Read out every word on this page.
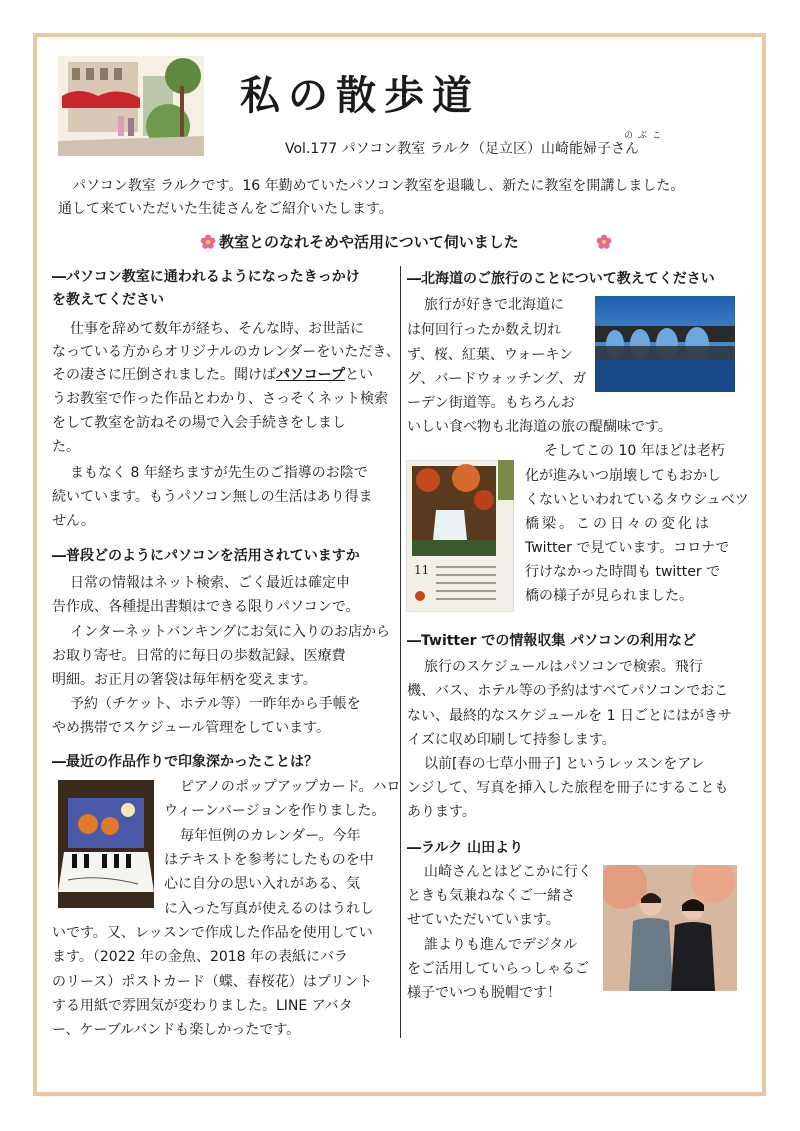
私の散歩道

のぶこ

Vol.177 パソコン教室 ラルク（足立区）山崎能婦子さん

パソコン教室 ラルクです。16 年勤めていたパソコン教室を退職し、新たに教室を開講しました。

通して来ていただいた生徒さんをご紹介いたします。

教室とのなれそめや活用について伺いました

―パソコン教室に通われるようになったきっかけ

を教えてください

仕事を辞めて数年が経ち、そんな時、お世話に

なっている方からオリジナルのカレンダーをいただき、

その凄さに圧倒されました。聞けばパソコープとい

うお教室で作った作品とわかり、さっそくネット検索

をして教室を訪ねその場で入会手続きをしまし

た。

まもなく 8 年経ちますが先生のご指導のお陰で

続いています。もうパソコン無しの生活はあり得ま

せん。

―普段どのようにパソコンを活用されていますか

日常の情報はネット検索、ごく最近は確定申

告作成、各種提出書類はできる限りパソコンで。

インターネットバンキングにお気に入りのお店から

お取り寄せ。日常的に毎日の歩数記録、医療費

明細。お正月の箸袋は毎年柄を変えます。

予約（チケット、ホテル等）一昨年から手帳を

やめ携帯でスケジュール管理をしています。

―最近の作品作りで印象深かったことは？

ピアノのポップアップカード。ハロ

ウィーンバージョンを作りました。

毎年恒例のカレンダー。今年

はテキストを参考にしたものを中

心に自分の思い入れがある、気

に入った写真が使えるのはうれし

いです。又、レッスンで作成した作品を使用してい

ます。（2022 年の金魚、2018 年の表紙にバラ

のリース）ポストカード（蝶、春桜花）はプリント

する用紙で雰囲気が変わりました。LINE アバタ

ー、ケーブルバンドも楽しかったです。

―北海道のご旅行のことについて教えてください

旅行が好きで北海道に

は何回行ったか数え切れ

ず、桜、紅葉、ウォーキン

グ、バードウォッチング、ガ

ーデン街道等。もちろんお

いしい食べ物も北海道の旅の醍醐味です。

11

そしてこの 10 年ほどは老朽

化が進みいつ崩壊してもおかし

くないといわれているタウシュベツ

橋梁。この日々の変化は

Twitter で見ています。コロナで

行けなかった時間も twitter で

橋の様子が見られました。

―Twitter での情報収集 パソコンの利用など

旅行のスケジュールはパソコンで検索。飛行

機、バス、ホテル等の予約はすべてパソコンでおこ

ない、最終的なスケジュールを 1 日ごとにはがきサ

イズに収め印刷して持参します。

以前[春の七草小冊子] というレッスンをアレ

ンジして、写真を挿入した旅程を冊子にすることも

あります。

―ラルク 山田より

山崎さんとはどこかに行く

ときも気兼ねなくご一緒さ

せていただいています。

誰よりも進んでデジタル

をご活用していらっしゃるご

様子でいつも脱帽です！
